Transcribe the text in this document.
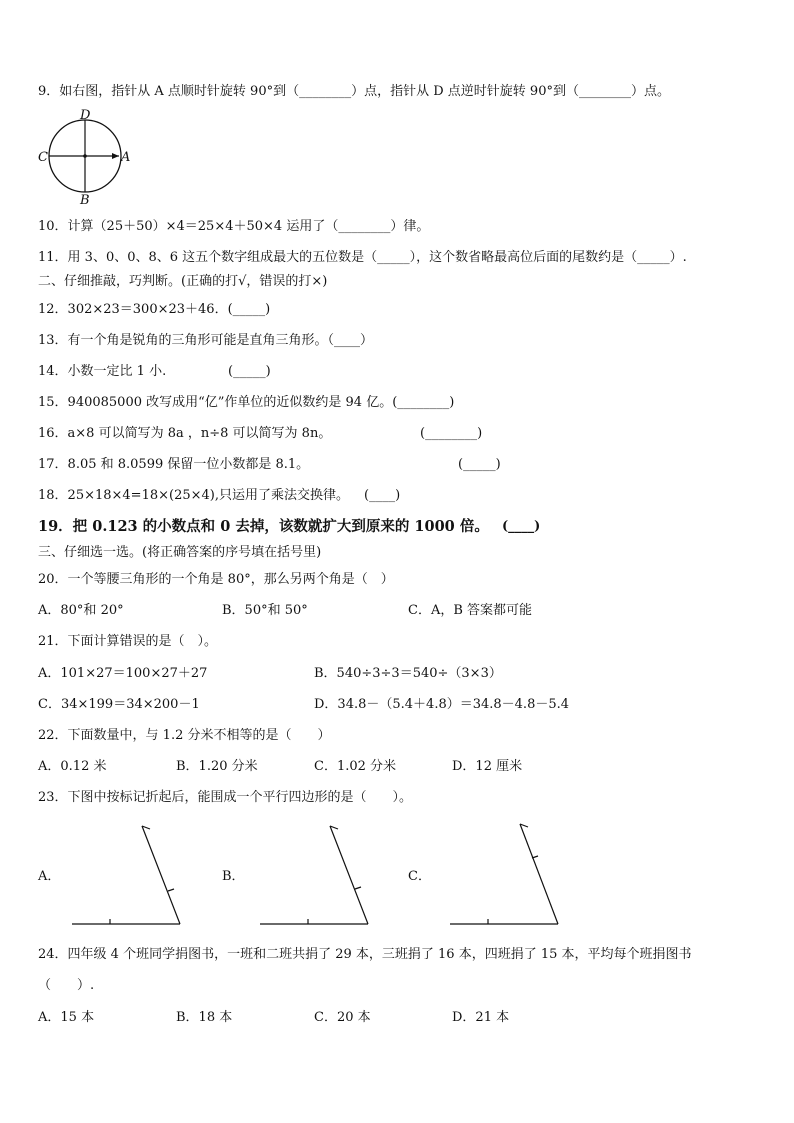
9．如右图，指针从 A 点顺时针旋转 90°到（________）点，指针从 D 点逆时针旋转 90°到（________）点。
D
C	A
B
10．计算（25＋50）×4＝25×4＋50×4 运用了（________）律。
11．用 3、0、0、8、6 这五个数字组成最大的五位数是（_____），这个数省略最高位后面的尾数约是（_____）.
二、仔细推敲，巧判断。(正确的打√，错误的打×)
12．302×23＝300×23＋46．(_____)
13．有一个角是锐角的三角形可能是直角三角形。（____）
14．小数一定比 1 小.	(_____)
15．940085000 改写成用“亿”作单位的近似数约是 94 亿。(________)
16．a×8 可以简写为 8a ，n÷8 可以简写为 8n。	(________)
17．8.05 和 8.0599 保留一位小数都是 8.1。	(_____)
18．25×18×4=18×(25×4),只运用了乘法交换律。 (____)
19．把 0.123 的小数点和 0 去掉，该数就扩大到原来的 1000 倍。 (____)
三、仔细选一选。(将正确答案的序号填在括号里)
20．一个等腰三角形的一个角是 80°，那么另两个角是（　）
A．80°和 20°	B．50°和 50°	C．A，B 答案都可能
21．下面计算错误的是（　）。
A．101×27＝100×27＋27	B．540÷3÷3＝540÷（3×3）
C．34×199＝34×200－1	D．34.8－（5.4＋4.8）＝34.8－4.8－5.4
22．下面数量中，与 1.2 分米不相等的是（　　）
A．0.12 米	B．1.20 分米	C．1.02 分米	D．12 厘米
23．下图中按标记折起后，能围成一个平行四边形的是（　　）。
A．	B．	C．
24．四年级 4 个班同学捐图书，一班和二班共捐了 29 本，三班捐了 16 本，四班捐了 15 本，平均每个班捐图书
（　　）.
A．15 本	B．18 本	C．20 本	D．21 本
